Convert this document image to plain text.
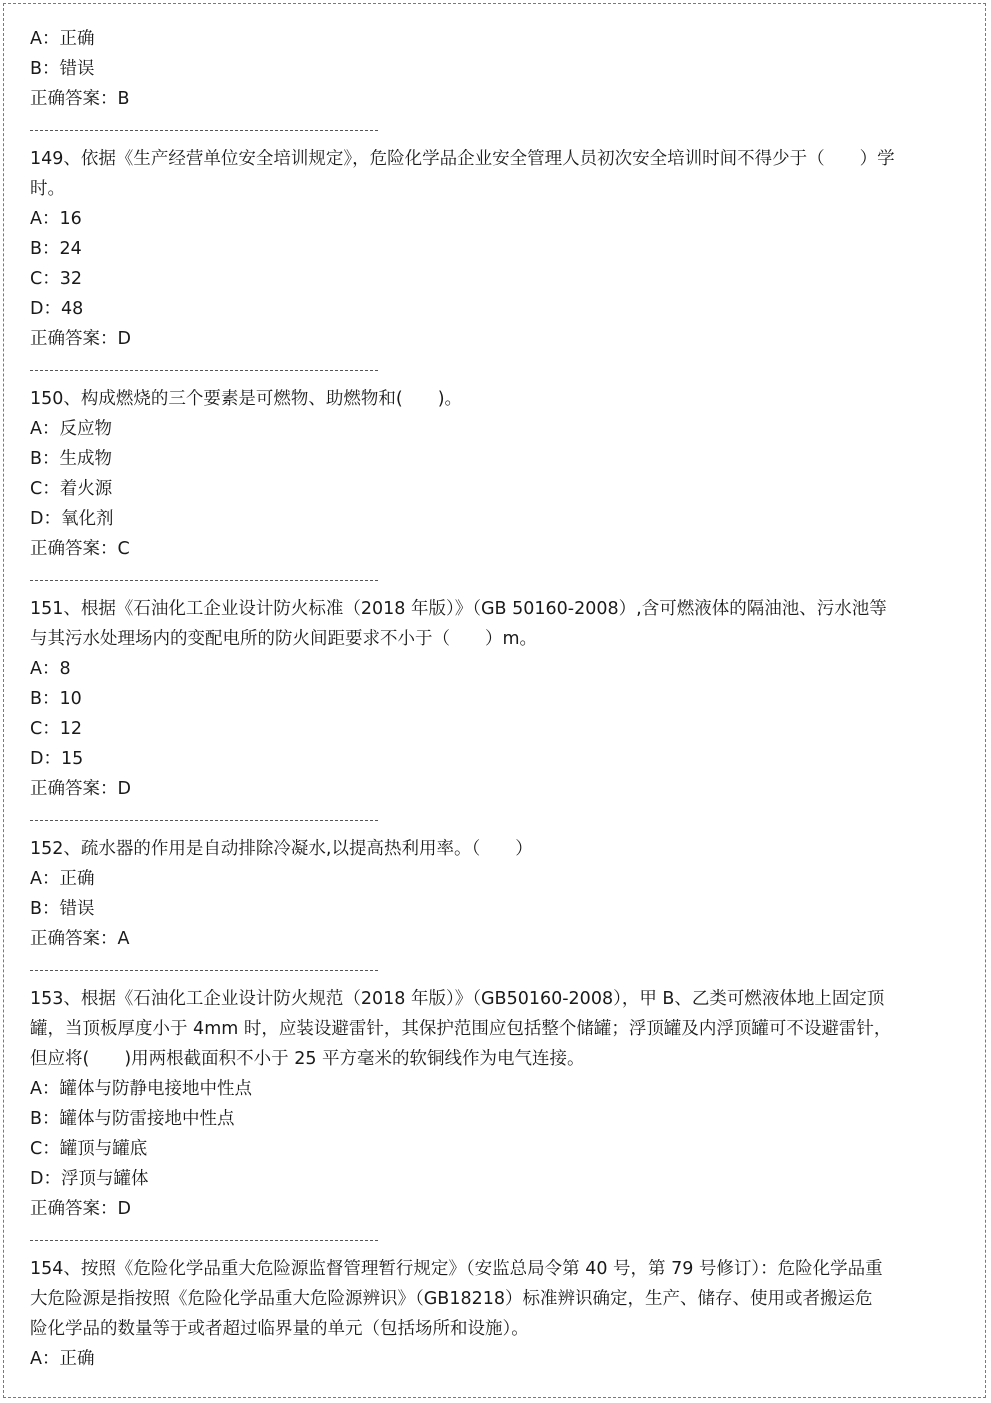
A：正确
B：错误
正确答案：B
149、依据《生产经营单位安全培训规定》，危险化学品企业安全管理人员初次安全培训时间不得少于（　　）学
时。
A：16
B：24
C：32
D：48
正确答案：D
150、构成燃烧的三个要素是可燃物、助燃物和(　　)。
A：反应物
B：生成物
C：着火源
D：氧化剂
正确答案：C
151、根据《石油化工企业设计防火标准（2018 年版）》（GB 50160-2008）,含可燃液体的隔油池、污水池等
与其污水处理场内的变配电所的防火间距要求不小于（　　）m。
A：8
B：10
C：12
D：15
正确答案：D
152、疏水器的作用是自动排除冷凝水,以提高热利用率。（　　）
A：正确
B：错误
正确答案：A
153、根据《石油化工企业设计防火规范（2018 年版）》（GB50160-2008），甲 B、乙类可燃液体地上固定顶
罐，当顶板厚度小于 4mm 时，应装设避雷针，其保护范围应包括整个储罐；浮顶罐及内浮顶罐可不设避雷针，
但应将(　　)用两根截面积不小于 25 平方毫米的软铜线作为电气连接。
A：罐体与防静电接地中性点
B：罐体与防雷接地中性点
C：罐顶与罐底
D：浮顶与罐体
正确答案：D
154、按照《危险化学品重大危险源监督管理暂行规定》（安监总局令第 40 号，第 79 号修订）：危险化学品重
大危险源是指按照《危险化学品重大危险源辨识》（GB18218）标准辨识确定，生产、储存、使用或者搬运危
险化学品的数量等于或者超过临界量的单元（包括场所和设施）。
A：正确
